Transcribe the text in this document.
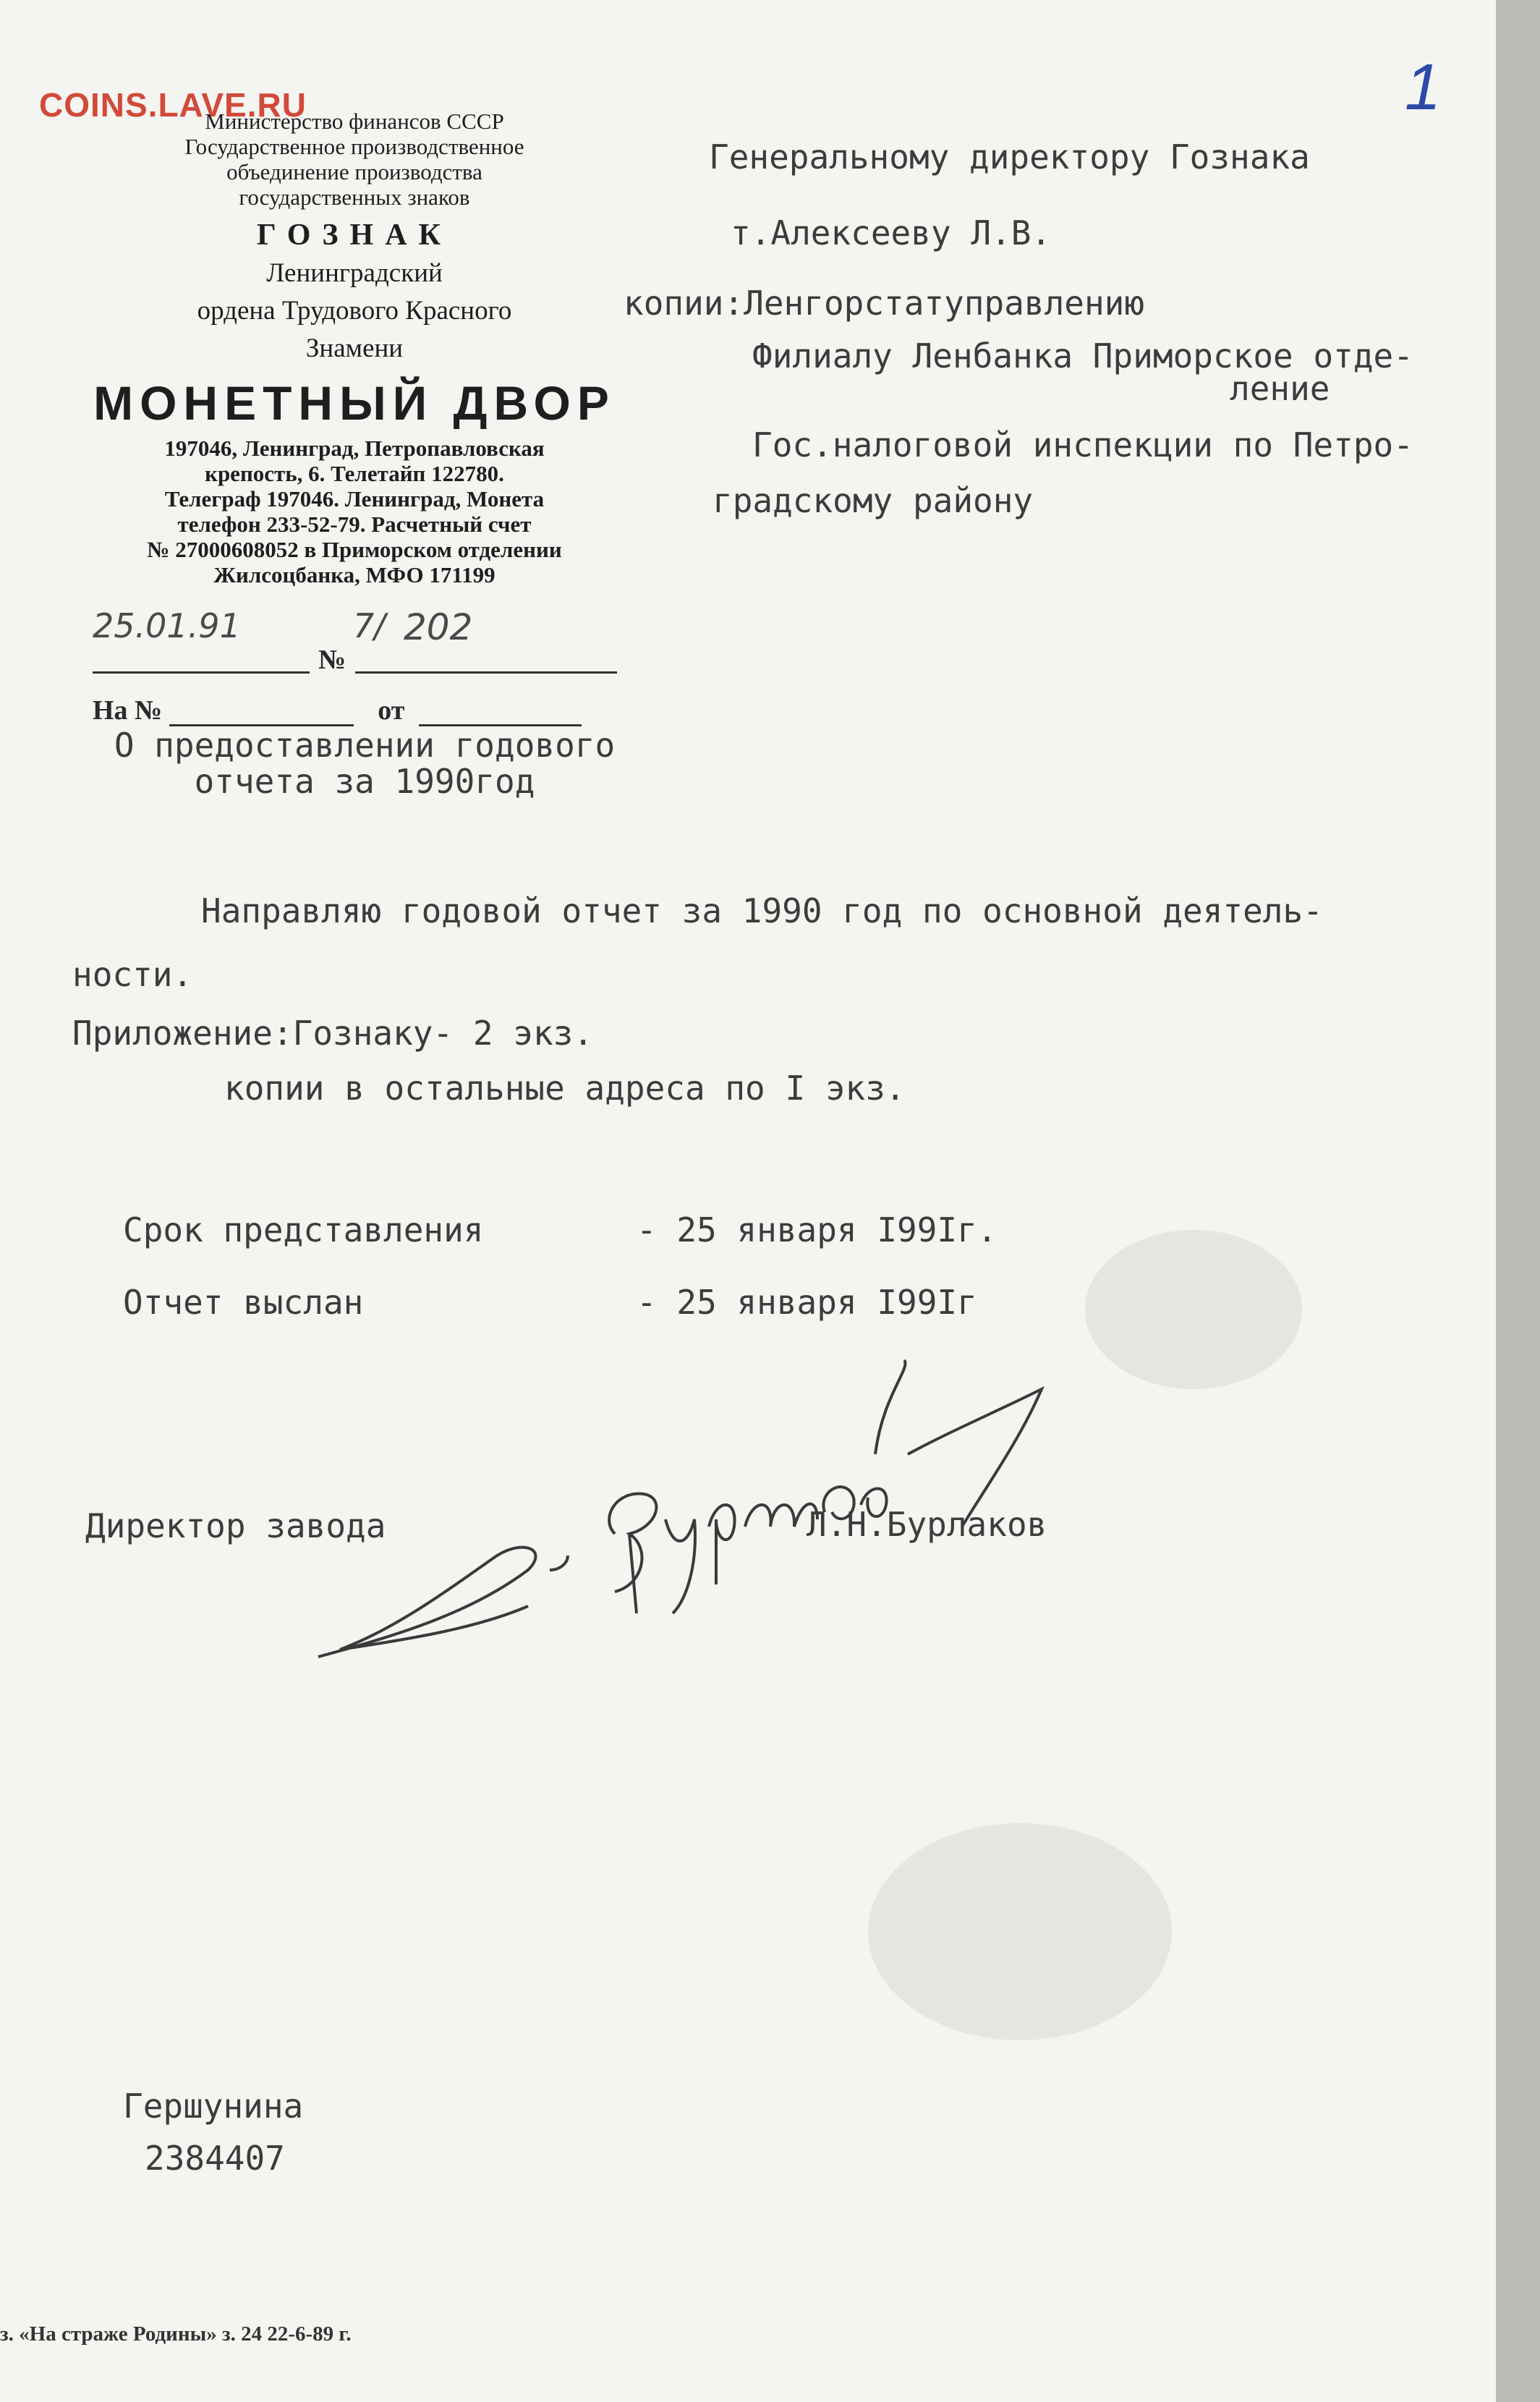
COINS.LAVE.RU	1
Министерство финансов СССР
Государственное производственное
объединение производства
государственных знаков
ГОЗНАК
Ленинградский
ордена Трудового Красного
Знамени
МОНЕТНЫЙ ДВОР
197046, Ленинград, Петропавловская
крепость, 6. Телетайп 122780.
Телеграф 197046. Ленинград, Монета
телефон 233-52-79. Расчетный счет
№ 27000608052 в Приморском отделении
Жилсоцбанка, МФО 171199
25.01.91	7/ 202
№
На №	от
О предоставлении годового
отчета за 1990год
Генеральному директору Гознака
т.Алексееву Л.В.
копии:Ленгорстатуправлению
Филиалу Ленбанка Приморское отде-
ление
Гос.налоговой инспекции по Петро-
градскому району
Направляю годовой отчет за 1990 год по основной деятель-
ности.
Приложение:Гознаку- 2 экз.
копии в остальные адреса по I экз.
Срок представления	- 25 января I99Iг.
Отчет выслан	- 25 января I99Iг
Директор завода	Л.Н.Бурлаков
Гершунина
2384407
з. «На страже Родины» з. 24 22-6-89 г.
